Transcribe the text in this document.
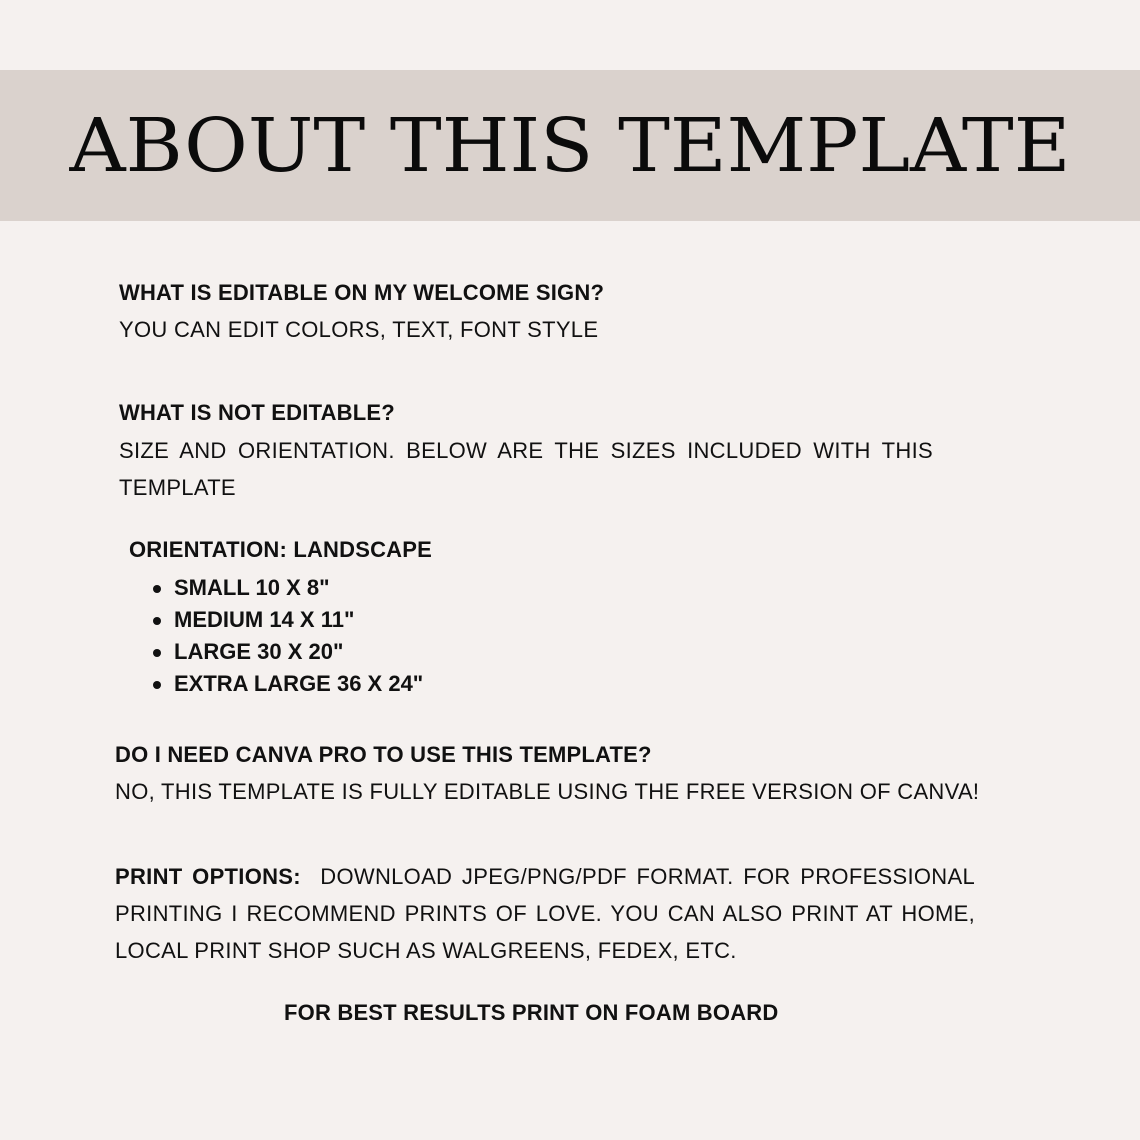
ABOUT THIS TEMPLATE
WHAT IS EDITABLE ON MY WELCOME SIGN?
YOU CAN EDIT COLORS, TEXT, FONT STYLE
WHAT IS NOT EDITABLE?
SIZE AND ORIENTATION. BELOW ARE THE SIZES INCLUDED WITH THIS TEMPLATE
ORIENTATION: LANDSCAPE
SMALL 10 X 8"
MEDIUM 14 X 11"
LARGE 30 X 20"
EXTRA LARGE 36 X 24"
DO I NEED CANVA PRO TO USE THIS TEMPLATE?
NO, THIS TEMPLATE IS FULLY EDITABLE USING THE FREE VERSION OF CANVA!
PRINT OPTIONS: DOWNLOAD JPEG/PNG/PDF FORMAT. FOR PROFESSIONAL PRINTING I RECOMMEND PRINTS OF LOVE. YOU CAN ALSO PRINT AT HOME, LOCAL PRINT SHOP SUCH AS WALGREENS, FEDEX, ETC.
FOR BEST RESULTS PRINT ON FOAM BOARD
